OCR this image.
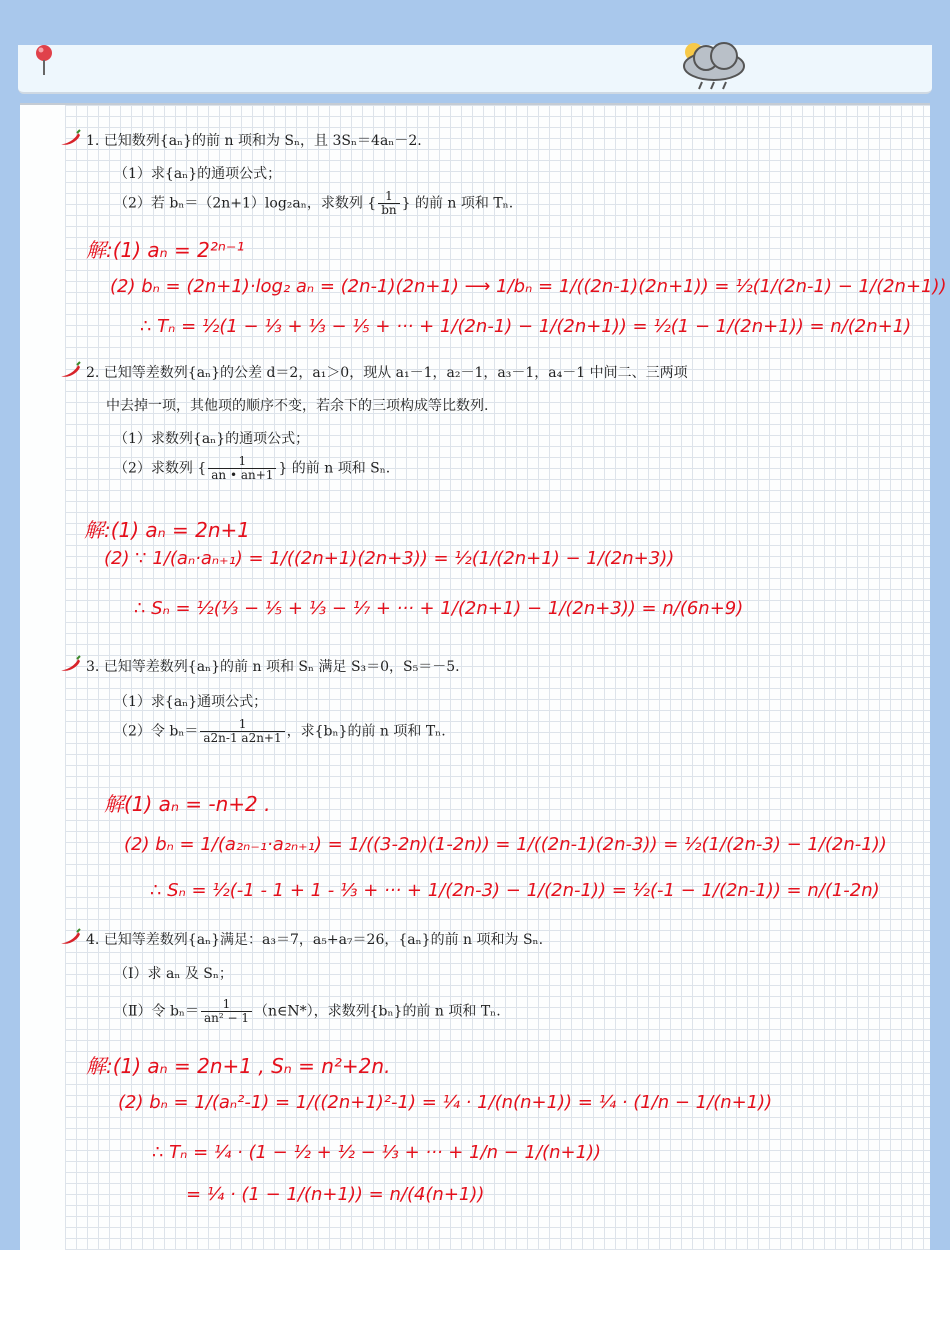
1. 已知数列{aₙ}的前 n 项和为 Sₙ，且 3Sₙ＝4aₙ－2.
（1）求{aₙ}的通项公式；
（2）若 bₙ＝（2n+1）log₂aₙ，求数列 { $\frac{1}{bn}$ } 的前 n 项和 Tₙ.
解:(1) aₙ = 2²ⁿ⁻¹
(2) bₙ = (2n+1)·log₂ aₙ = (2n-1)(2n+1) ⟶ 1/bₙ = 1/((2n-1)(2n+1)) = ½(1/(2n-1) − 1/(2n+1))
∴ Tₙ = ½(1 − ⅓ + ⅓ − ⅕ + ··· + 1/(2n-1) − 1/(2n+1)) = ½(1 − 1/(2n+1)) = n/(2n+1)
2. 已知等差数列{aₙ}的公差 d＝2，a₁＞0，现从 a₁－1，a₂－1，a₃－1，a₄－1 中间二、三两项
中去掉一项，其他项的顺序不变，若余下的三项构成等比数列.
（1）求数列{aₙ}的通项公式；
（2）求数列 { $\frac{1}{an • an+1}$ } 的前 n 项和 Sₙ.
解:(1) aₙ = 2n+1
(2) ∵ 1/(aₙ·aₙ₊₁) = 1/((2n+1)(2n+3)) = ½(1/(2n+1) − 1/(2n+3))
∴ Sₙ = ½(⅓ − ⅕ + ⅓ − ⅐ + ··· + 1/(2n+1) − 1/(2n+3)) = n/(6n+9)
3. 已知等差数列{aₙ}的前 n 项和 Sₙ 满足 S₃＝0，S₅＝－5.
（1）求{aₙ}通项公式；
（2）令 $b_n= \frac{1}{a2n-1 a2n+1}$ ，求{bₙ}的前 n 项和 Tₙ.
解(1) aₙ = -n+2 .
(2) bₙ = 1/(a₂ₙ₋₁·a₂ₙ₊₁) = 1/((3-2n)(1-2n)) = 1/((2n-1)(2n-3)) = ½(1/(2n-3) − 1/(2n-1))
∴ Sₙ = ½(-1 - 1 + 1 - ⅓ + ··· + 1/(2n-3) − 1/(2n-1)) = ½(-1 − 1/(2n-1)) = n/(1-2n)
4. 已知等差数列{aₙ}满足：a₃＝7，a₅+a₇＝26，{aₙ}的前 n 项和为 Sₙ.
（Ⅰ）求 aₙ 及 Sₙ；
（Ⅱ）令 $b_n= \frac{1}{\text{an² − 1}}$ （n∈N*），求数列{bₙ}的前 n 项和 Tₙ.
解:(1) aₙ = 2n+1 , Sₙ = n²+2n.
(2) bₙ = 1/(aₙ²-1) = 1/((2n+1)²-1) = ¼ · 1/(n(n+1)) = ¼ · (1/n − 1/(n+1))
∴ Tₙ = ¼ · (1 − ½ + ½ − ⅓ + ··· + 1/n − 1/(n+1))
= ¼ · (1 − 1/(n+1)) = n/(4(n+1))
